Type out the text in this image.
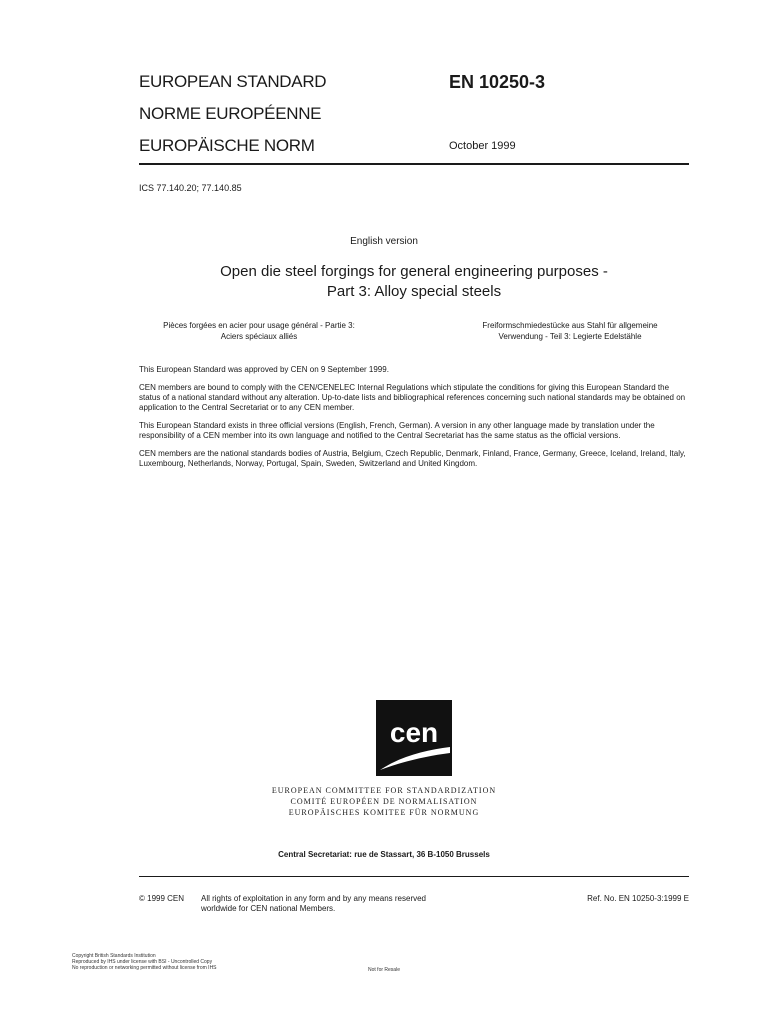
EUROPEAN STANDARD
NORME EUROPÉENNE
EUROPÄISCHE NORM
EN 10250-3
October 1999
ICS 77.140.20; 77.140.85
English version
Open die steel forgings for general engineering purposes -
Part 3: Alloy special steels
Pièces forgées en acier pour usage général - Partie 3:
Aciers spéciaux alliés
Freiformschmiedestücke aus Stahl für allgemeine
Verwendung - Teil 3: Legierte Edelstähle

This European Standard was approved by CEN on 9 September 1999.

CEN members are bound to comply with the CEN/CENELEC Internal Regulations which stipulate the conditions for giving this European Standard the status of a national standard without any alteration. Up-to-date lists and bibliographical references concerning such national standards may be obtained on application to the Central Secretariat or to any CEN member.

This European Standard exists in three official versions (English, French, German). A version in any other language made by translation under the responsibility of a CEN member into its own language and notified to the Central Secretariat has the same status as the official versions.

CEN members are the national standards bodies of Austria, Belgium, Czech Republic, Denmark, Finland, France, Germany, Greece, Iceland, Ireland, Italy, Luxembourg, Netherlands, Norway, Portugal, Spain, Sweden, Switzerland and United Kingdom.

cen
EUROPEAN COMMITTEE FOR STANDARDIZATION
COMITÉ EUROPÉEN DE NORMALISATION
EUROPÄISCHES KOMITEE FÜR NORMUNG
Central Secretariat: rue de Stassart, 36 B-1050 Brussels
© 1999 CEN All rights of exploitation in any form and by any means reserved
worldwide for CEN national Members.
Ref. No. EN 10250-3:1999 E
Copyright British Standards Institution
Reproduced by IHS under license with BSI - Uncontrolled Copy
No reproduction or networking permitted without license from IHS	Not for Resale
